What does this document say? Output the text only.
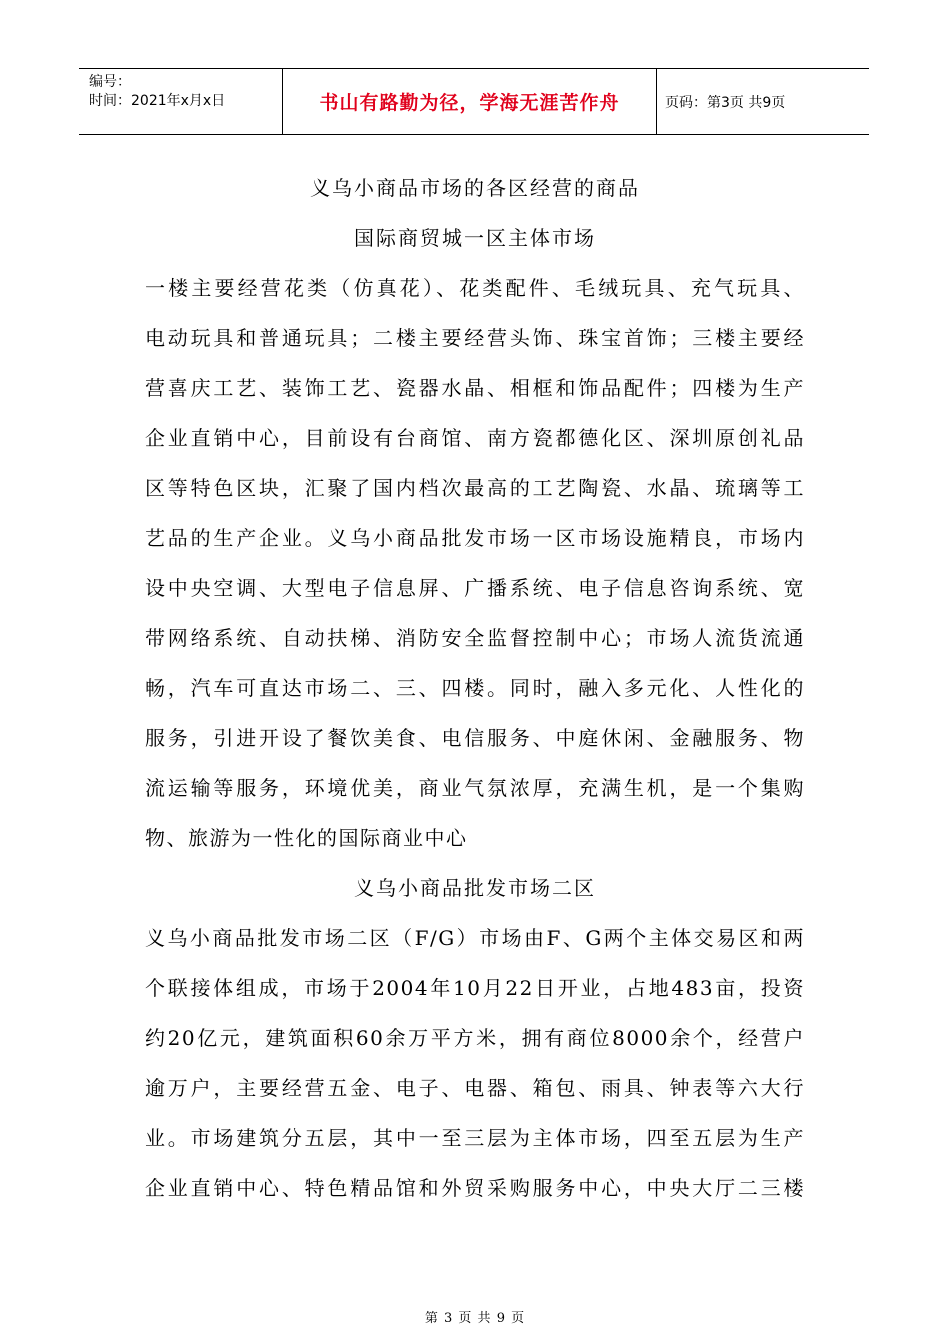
编号：
时间：2021年x月x日	书山有路勤为径，学海无涯苦作舟	页码：第3页 共9页
义乌小商品市场的各区经营的商品
国际商贸城一区主体市场
一楼主要经营花类（仿真花）、花类配件、毛绒玩具、充气玩具、
电动玩具和普通玩具；二楼主要经营头饰、珠宝首饰；三楼主要经
营喜庆工艺、装饰工艺、瓷器水晶、相框和饰品配件；四楼为生产
企业直销中心，目前设有台商馆、南方瓷都德化区、深圳原创礼品
区等特色区块，汇聚了国内档次最高的工艺陶瓷、水晶、琉璃等工
艺品的生产企业。义乌小商品批发市场一区市场设施精良，市场内
设中央空调、大型电子信息屏、广播系统、电子信息咨询系统、宽
带网络系统、自动扶梯、消防安全监督控制中心；市场人流货流通
畅，汽车可直达市场二、三、四楼。同时，融入多元化、人性化的
服务，引进开设了餐饮美食、电信服务、中庭休闲、金融服务、物
流运输等服务，环境优美，商业气氛浓厚，充满生机，是一个集购
物、旅游为一性化的国际商业中心
义乌小商品批发市场二区
义乌小商品批发市场二区（F/G）市场由F、G两个主体交易区和两
个联接体组成，市场于2004年10月22日开业，占地483亩，投资
约20亿元，建筑面积60余万平方米，拥有商位8000余个，经营户
逾万户，主要经营五金、电子、电器、箱包、雨具、钟表等六大行
业。市场建筑分五层，其中一至三层为主体市场，四至五层为生产
企业直销中心、特色精品馆和外贸采购服务中心，中央大厅二三楼
第 3 页 共 9 页
